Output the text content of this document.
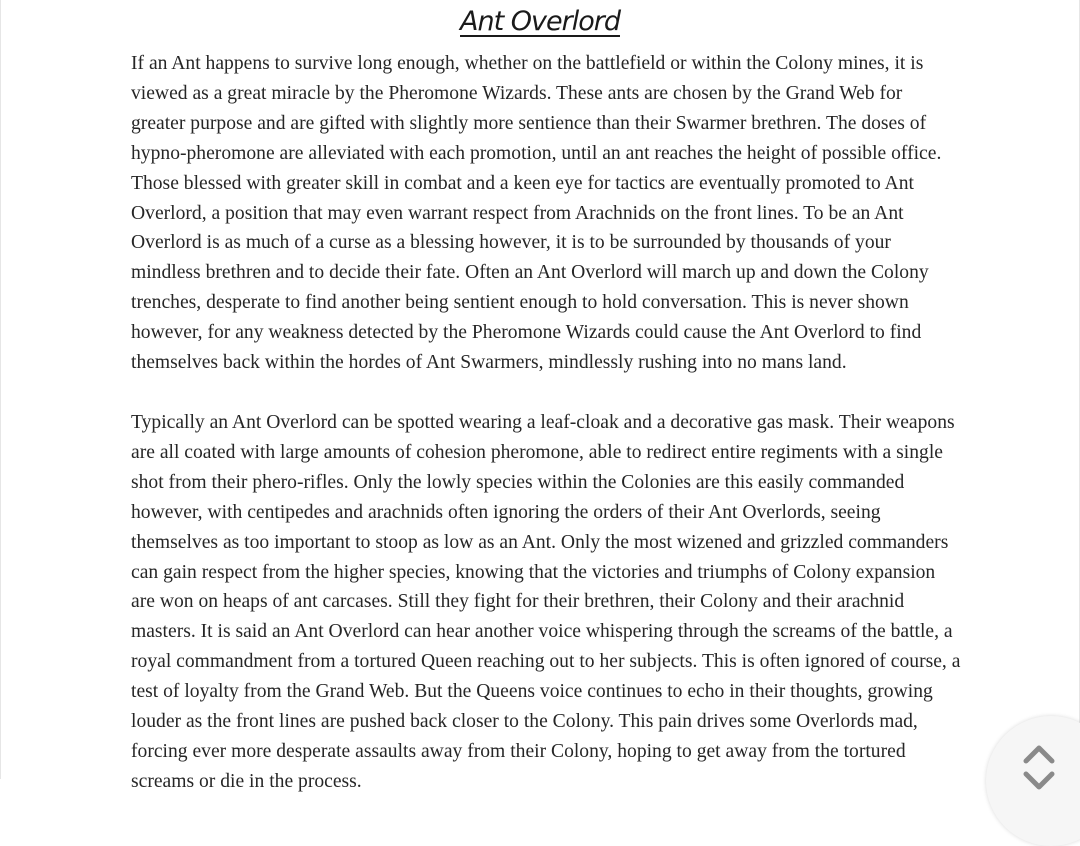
Ant Overlord

If an Ant happens to survive long enough, whether on the battlefield or within the Colony mines, it is viewed as a great miracle by the Pheromone Wizards. These ants are chosen by the Grand Web for greater purpose and are gifted with slightly more sentience than their Swarmer brethren. The doses of hypno-pheromone are alleviated with each promotion, until an ant reaches the height of possible office. Those blessed with greater skill in combat and a keen eye for tactics are eventually promoted to Ant Overlord, a position that may even warrant respect from Arachnids on the front lines. To be an Ant Overlord is as much of a curse as a blessing however, it is to be surrounded by thousands of your mindless brethren and to decide their fate. Often an Ant Overlord will march up and down the Colony trenches, desperate to find another being sentient enough to hold conversation. This is never shown however, for any weakness detected by the Pheromone Wizards could cause the Ant Overlord to find themselves back within the hordes of Ant Swarmers, mindlessly rushing into no mans land.

Typically an Ant Overlord can be spotted wearing a leaf-cloak and a decorative gas mask. Their weapons are all coated with large amounts of cohesion pheromone, able to redirect entire regiments with a single shot from their phero-rifles. Only the lowly species within the Colonies are this easily commanded however, with centipedes and arachnids often ignoring the orders of their Ant Overlords, seeing themselves as too important to stoop as low as an Ant. Only the most wizened and grizzled commanders can gain respect from the higher species, knowing that the victories and triumphs of Colony expansion are won on heaps of ant carcases. Still they fight for their brethren, their Colony and their arachnid masters. It is said an Ant Overlord can hear another voice whispering through the screams of the battle, a royal commandment from a tortured Queen reaching out to her subjects. This is often ignored of course, a test of loyalty from the Grand Web. But the Queens voice continues to echo in their thoughts, growing louder as the front lines are pushed back closer to the Colony. This pain drives some Overlords mad, forcing ever more desperate assaults away from their Colony, hoping to get away from the tortured screams or die in the process.
